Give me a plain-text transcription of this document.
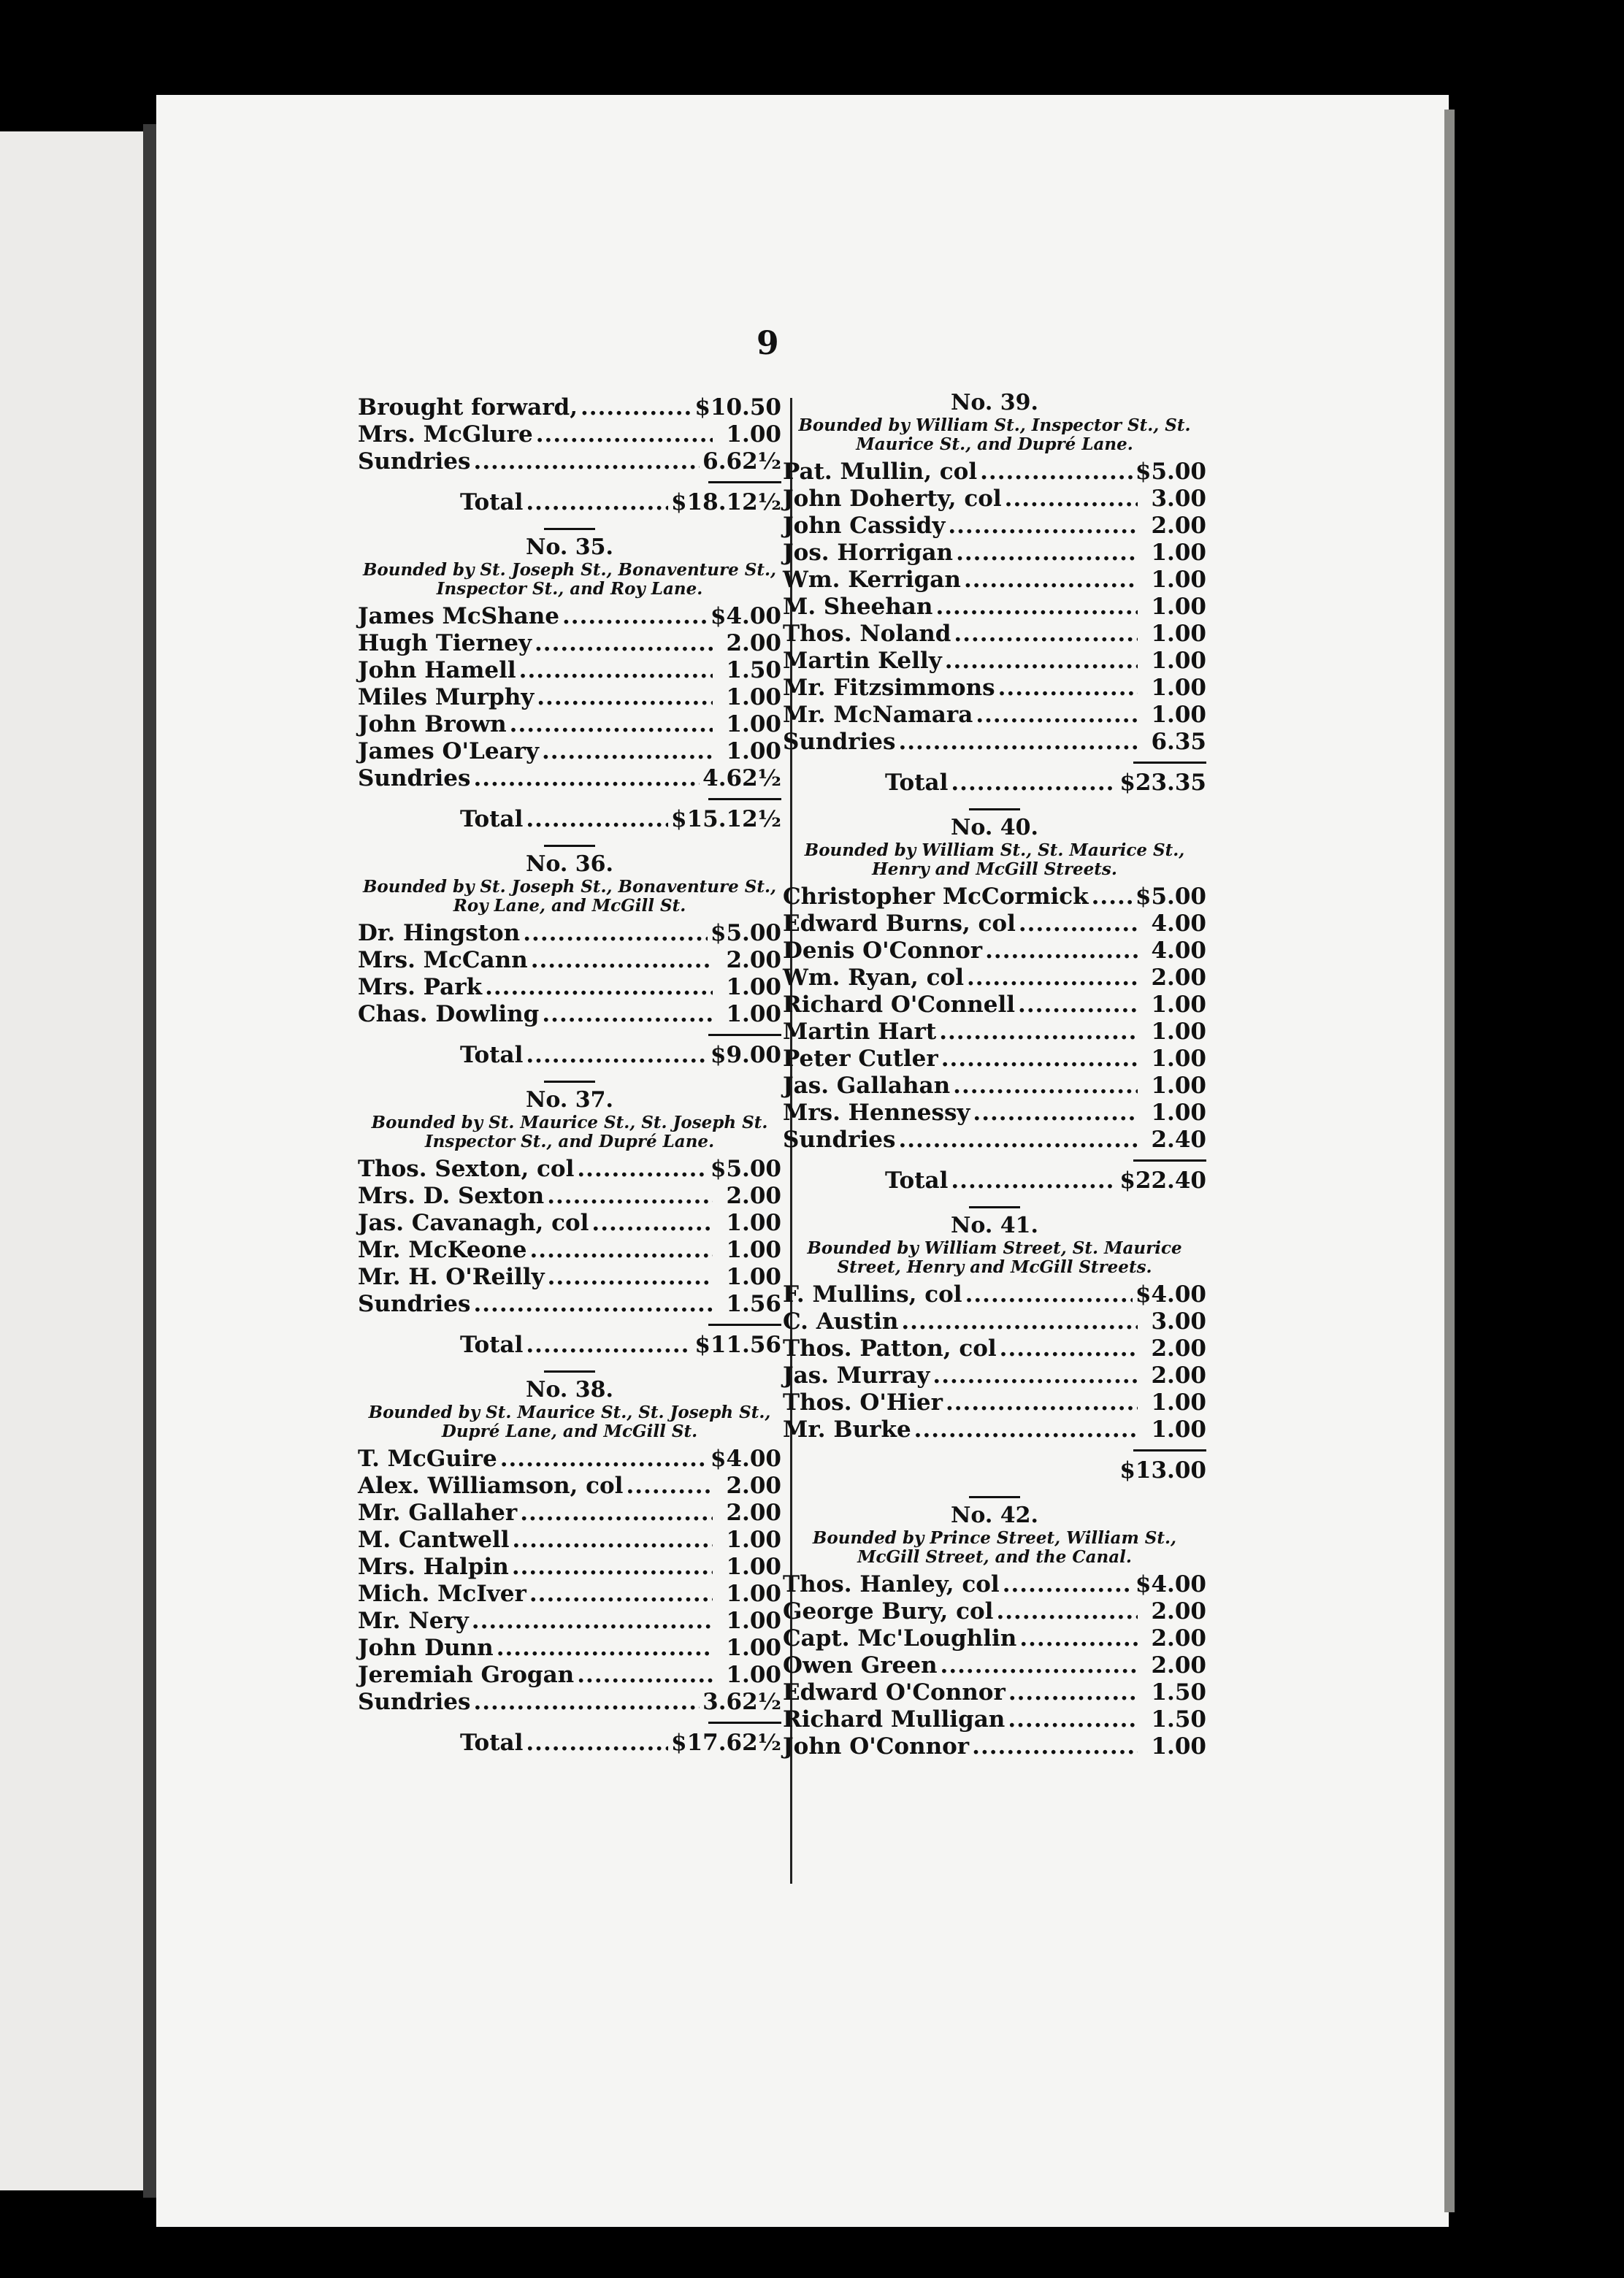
9
Brought forward, .....	$10.50
Mrs. McGlure .....	1.00
Sundries .....	6.62½
Total .....	$18.12½
No. 35.
Bounded by St. Joseph St., Bonaventure St., Inspector St., and Roy Lane.
James McShane .....	$4.00
Hugh Tierney .....	2.00
John Hamell .....	1.50
Miles Murphy .....	1.00
John Brown .....	1.00
James O'Leary .....	1.00
Sundries .....	4.62½
Total .....	$15.12½
No. 36.
Bounded by St. Joseph St., Bonaventure St., Roy Lane, and McGill St.
Dr. Hingston .....	$5.00
Mrs. McCann .....	2.00
Mrs. Park .....	1.00
Chas. Dowling .....	1.00
Total .....	$9.00
No. 37.
Bounded by St. Maurice St., St. Joseph St. Inspector St., and Dupré Lane.
Thos. Sexton, col .....	$5.00
Mrs. D. Sexton .....	2.00
Jas. Cavanagh, col .....	1.00
Mr. McKeone .....	1.00
Mr. H. O'Reilly .....	1.00
Sundries .....	1.56
Total .....	$11.56
No. 38.
Bounded by St. Maurice St., St. Joseph St., Dupré Lane, and McGill St.
T. McGuire .....	$4.00
Alex. Williamson, col .....	2.00
Mr. Gallaher .....	2.00
M. Cantwell .....	1.00
Mrs. Halpin .....	1.00
Mich. McIver .....	1.00
Mr. Nery .....	1.00
John Dunn .....	1.00
Jeremiah Grogan .....	1.00
Sundries .....	3.62½
Total .....	$17.62½
No. 39.
Bounded by William St., Inspector St., St. Maurice St., and Dupré Lane.
Pat. Mullin, col .....	$5.00
John Doherty, col .....	3.00
John Cassidy .....	2.00
Jos. Horrigan .....	1.00
Wm. Kerrigan .....	1.00
M. Sheehan .....	1.00
Thos. Noland .....	1.00
Martin Kelly .....	1.00
Mr. Fitzsimmons .....	1.00
Mr. McNamara .....	1.00
Sundries .....	6.35
Total .....	$23.35
No. 40.
Bounded by William St., St. Maurice St., Henry and McGill Streets.
Christopher McCormick ..... $5.00
Edward Burns, col .....	4.00
Denis O'Connor .....	4.00
Wm. Ryan, col .....	2.00
Richard O'Connell .....	1.00
Martin Hart .....	1.00
Peter Cutler .....	1.00
Jas. Gallahan .....	1.00
Mrs. Hennessy .....	1.00
Sundries .....	2.40
Total .....	$22.40
No. 41.
Bounded by William Street, St. Maurice Street, Henry and McGill Streets.
F. Mullins, col .....	$4.00
C. Austin .....	3.00
Thos. Patton, col .....	2.00
Jas. Murray .....	2.00
Thos. O'Hier .....	1.00
Mr. Burke .....	1.00
$13.00
No. 42.
Bounded by Prince Street, William St., McGill Street, and the Canal.
Thos. Hanley, col .....	$4.00
George Bury, col .....	2.00
Capt. Mc'Loughlin .....	2.00
Owen Green .....	2.00
Edward O'Connor .....	1.50
Richard Mulligan .....	1.50
John O'Connor .....	1.00
